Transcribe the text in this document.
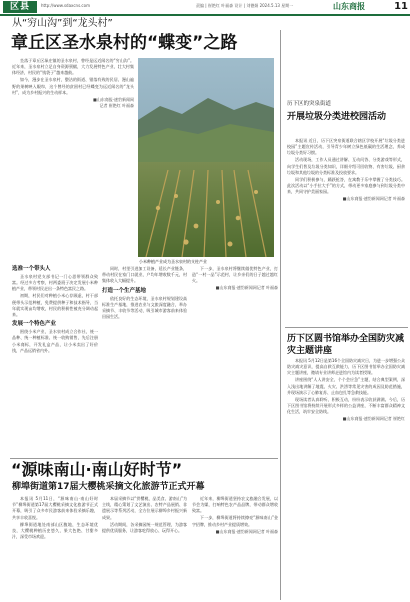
区县	http://www.sdaxcns.com	责编 | 崔艳红 叶福森 设计 | 刘德娟 2024.5.13 星期一	山东商报	11
从“穷山沟”到“龙头村”
章丘区圣水泉村的“蝶变”之路

坐落于章丘区垛庄镇的圣水泉村，曾经是远近闻名的“穷山沟”。近年来，圣水泉村立足自身资源禀赋，大力发展特色产业，壮大村集体经济，村民的“钱袋子”越来越鼓。

如今，漫步在圣水泉村，整洁的街道、错落有致的民居、漫山遍野的果树映入眼帘，这个曾经的贫困村已经蝶变为远近闻名的“龙头村”，成为乡村振兴的生动样本。

■山东商报·速豹新闻网
记者 崔艳红 叶福森
小米种植产业成为圣水泉村的支柱产业
选准一个带头人

圣水泉村党支部书记一门心思带领群众致富。经过多方考察，村两委班子决定发展小米种植产业，带领村民走出一条特色富民之路。

初期，村民们对种植小米心存顾虑，村干部便带头示范种植，免费提供种子和技术指导，当年就实现亩均增收，村民的积极性被充分调动起来。

发展一个特色产业

围绕小米产业，圣水泉村成立合作社，统一品种、统一种植标准、统一收购销售，先后注册小米商标，开发礼盒产品，让小米卖出了好价钱，产品远销省内外。

同时，村里引进加工设备，延长产业链条，带动村民在家门口就业，户均年增收数千元，村集体收入大幅提升。

打造一个生产基地

依托良好的生态环境，圣水泉村规划建设高标准生产基地，推进农业与文旅深度融合，举办采摘节、丰收节等活动，吸引城市游客前来体验田园生活。

下一步，圣水泉村将继续做优特色产业，打造“一村一品”示范村，让乡亲们的日子越过越红火。

■山东商报·速豹新闻网记者 叶福森
历下区的突泉街道
开展垃圾分类进校园活动

本报讯 近日，历下区突泉街道联合辖区学校开展“垃圾分类进校园”主题宣传活动，引导青少年树立绿色低碳的生活理念，养成垃圾分类好习惯。

活动现场，工作人员通过讲解、互动问答、分类游戏等形式，向学生们普及垃圾分类知识，详细介绍可回收物、有害垃圾、厨余垃圾和其他垃圾的分类标准及投放要求。

同学们积极参与，踊跃抢答，在寓教于乐中掌握了分类技巧。此次活动以“小手拉大手”的方式，带动更多家庭参与到垃圾分类中来，共同守护美丽家园。

■山东商报·速豹新闻网记者 叶福森
历下区圆书馆举办全国防灾减灾主题讲座

本报讯 5月12日是第16个全国防灾减灾日，为进一步增强公众防灾减灾意识，提高自救互救能力，历下区图书馆举办全国防灾减灾主题讲座，邀请专业讲师走进馆内为读者授课。

讲座围绕“人人讲安全、个个会应急”主题，结合典型案例，深入浅出地讲解了地震、火灾、洪涝等常见灾害的成因及防范措施，并现场演示了心肺复苏、止血包扎等急救技能。

现场读者认真聆听、积极互动，纷纷表示收获满满。今后，历下区图书馆将持续开展形式多样的公益讲座，不断丰富群众精神文化生活，筑牢安全防线。

■山东商报·速豹新闻网记者 崔艳红
“源味南山·南山好时节”
柳埠街道第17届大樱桃采摘文化旅游节正式开幕

本报讯 5月11日，“源味南山·南山好时节”柳埠街道第17届大樱桃采摘文化旅游节正式开幕，吸引了众多市民游客前来体验采摘乐趣，共享丰收喜悦。

柳埠街道地处南部山区腹地，生态环境优良，大樱桃种植历史悠久，果大色艳、甘甜多汁，深受市场欢迎。

本届采摘节以“赏樱桃、品美食、游南山”为主线，精心策划了文艺演出、农特产品展销、非遗展示等系列活动，全方位展示柳埠乡村振兴新成果。

活动期间，各采摘园统一规范管理，为游客提供优质服务，让游客吃得放心、玩得开心。

近年来，柳埠街道坚持农文旅融合发展，以节会为媒，打响特色农产品品牌，带动群众增收致富。

下一步，柳埠街道将持续擦亮“源味南山”金字招牌，推动乡村产业提质增效。

■山东商报·速豹新闻网记者 叶福森
